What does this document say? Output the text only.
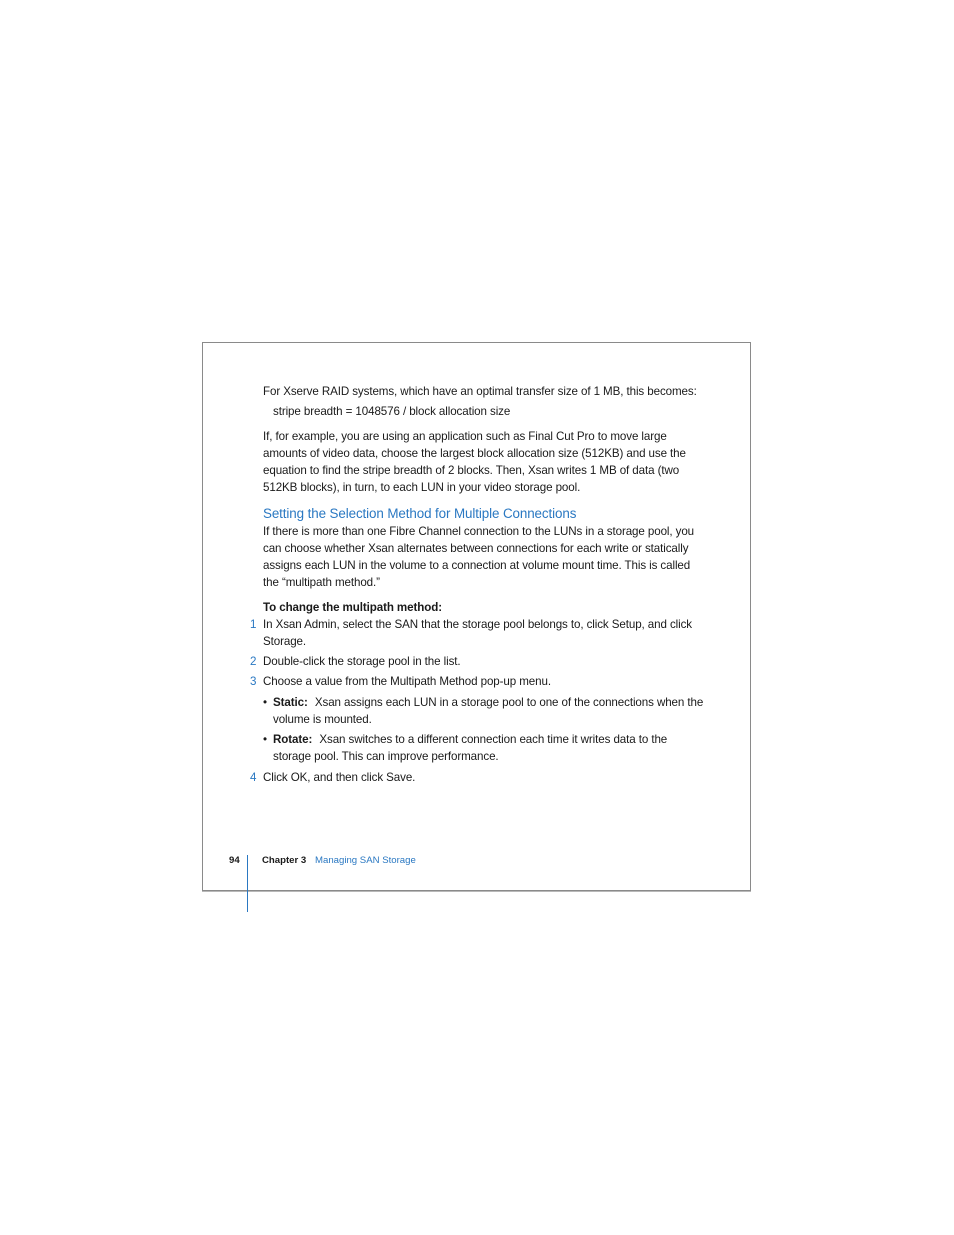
For Xserve RAID systems, which have an optimal transfer size of 1 MB, this becomes:

stripe breadth = 1048576 / block allocation size

If, for example, you are using an application such as Final Cut Pro to move large amounts of video data, choose the largest block allocation size (512KB) and use the equation to find the stripe breadth of 2 blocks. Then, Xsan writes 1 MB of data (two 512KB blocks), in turn, to each LUN in your video storage pool.

Setting the Selection Method for Multiple Connections

If there is more than one Fibre Channel connection to the LUNs in a storage pool, you can choose whether Xsan alternates between connections for each write or statically assigns each LUN in the volume to a connection at volume mount time. This is called the “multipath method.”

To change the multipath method:

1 In Xsan Admin, select the SAN that the storage pool belongs to, click Setup, and click Storage.
2 Double-click the storage pool in the list.
3 Choose a value from the Multipath Method pop-up menu.
• Static: Xsan assigns each LUN in a storage pool to one of the connections when the volume is mounted.
• Rotate: Xsan switches to a different connection each time it writes data to the storage pool. This can improve performance.
4 Click OK, and then click Save.
94 Chapter 3 Managing SAN Storage
